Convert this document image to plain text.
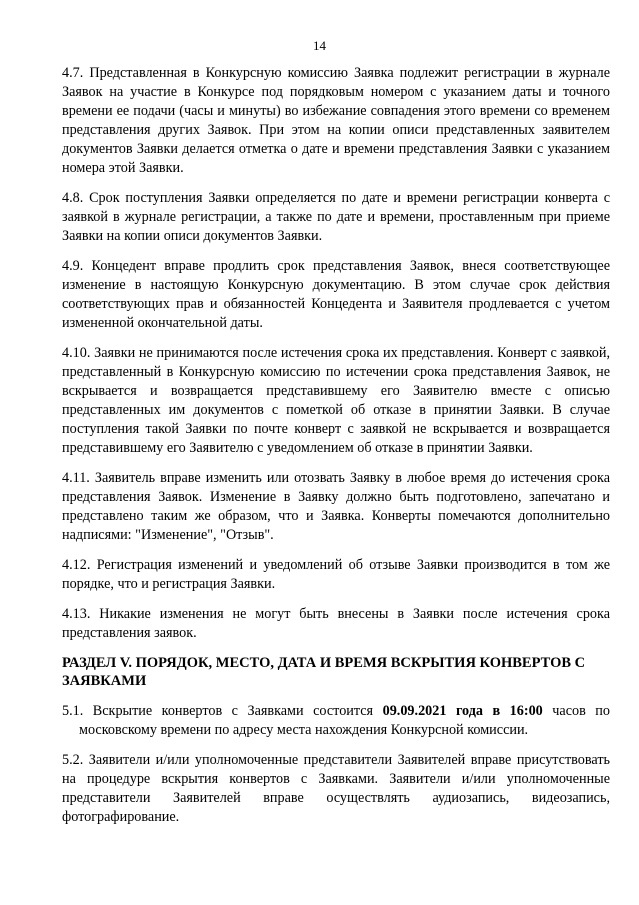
14

4.7. Представленная в Конкурсную комиссию Заявка подлежит регистрации в журнале Заявок на участие в Конкурсе под порядковым номером с указанием даты и точного времени ее подачи (часы и минуты) во избежание совпадения этого времени со временем представления других Заявок. При этом на копии описи представленных заявителем документов Заявки делается отметка о дате и времени представления Заявки с указанием номера этой Заявки.

4.8. Срок поступления Заявки определяется по дате и времени регистрации конверта с заявкой в журнале регистрации, а также по дате и времени, проставленным при приеме Заявки на копии описи документов Заявки.

4.9. Концедент вправе продлить срок представления Заявок, внеся соответствующее изменение в настоящую Конкурсную документацию. В этом случае срок действия соответствующих прав и обязанностей Концедента и Заявителя продлевается с учетом измененной окончательной даты.

4.10. Заявки не принимаются после истечения срока их представления. Конверт с заявкой, представленный в Конкурсную комиссию по истечении срока представления Заявок, не вскрывается и возвращается представившему его Заявителю вместе с описью представленных им документов с пометкой об отказе в принятии Заявки. В случае поступления такой Заявки по почте конверт с заявкой не вскрывается и возвращается представившему его Заявителю с уведомлением об отказе в принятии Заявки.

4.11. Заявитель вправе изменить или отозвать Заявку в любое время до истечения срока представления Заявок. Изменение в Заявку должно быть подготовлено, запечатано и представлено таким же образом, что и Заявка. Конверты помечаются дополнительно надписями: "Изменение", "Отзыв".

4.12. Регистрация изменений и уведомлений об отзыве Заявки производится в том же порядке, что и регистрация Заявки.

4.13. Никакие изменения не могут быть внесены в Заявки после истечения срока представления заявок.

РАЗДЕЛ V. ПОРЯДОК, МЕСТО, ДАТА И ВРЕМЯ ВСКРЫТИЯ КОНВЕРТОВ С ЗАЯВКАМИ

5.1. Вскрытие конвертов с Заявками состоится 09.09.2021 года в 16:00 часов по московскому времени по адресу места нахождения Конкурсной комиссии.

5.2. Заявители и/или уполномоченные представители Заявителей вправе присутствовать на процедуре вскрытия конвертов с Заявками. Заявители и/или уполномоченные представители Заявителей вправе осуществлять аудиозапись, видеозапись, фотографирование.
